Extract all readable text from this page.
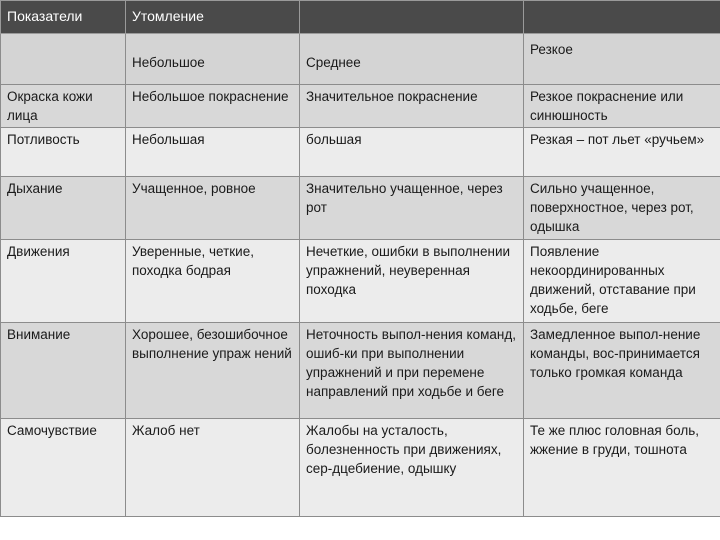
Показатели	Утомление		
	Небольшое	Среднее	Резкое
Окраска кожи лица	Небольшое покраснение	Значительное покраснение	Резкое покраснение или синюшность
Потливость	Небольшая	большая	Резкая – пот льет «ручьем»
Дыхание	Учащенное, ровное	Значительно учащенное, через рот	Сильно учащенное, поверхностное, через рот, одышка
Движения	Уверенные, четкие, походка бодрая	Нечеткие, ошибки в выполнении упражнений, неуверенная походка	Появление некоординированных движений, отставание при ходьбе, беге
Внимание	Хорошее, безошибочное выполнение упраж нений	Неточность выпол-нения команд, ошиб-ки при выполнении упражнений и при перемене направлений при ходьбе и беге	Замедленное выпол-нение команды, вос-принимается только громкая команда
Самочувствие	Жалоб нет	Жалобы на усталость, болезненность при движениях, сер-дцебиение, одышку	Те же плюс головная боль, жжение в груди, тошнота
